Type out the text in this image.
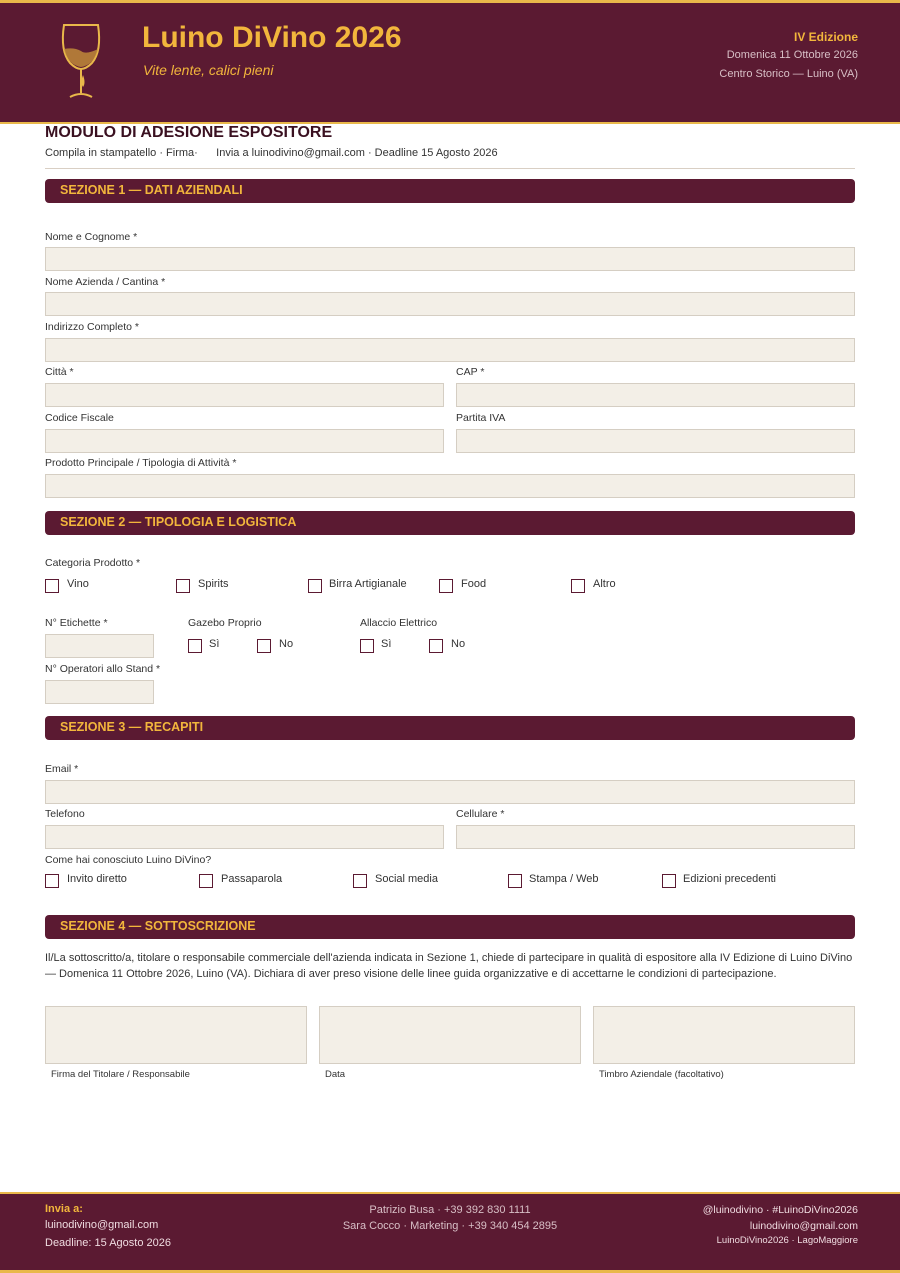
Luino DiVino 2026
Vite lente, calici pieni
IV Edizione
Domenica 11 Ottobre 2026
Centro Storico — Luino (VA)
MODULO DI ADESIONE ESPOSITORE
Compila in stampatello · Firma·      Invia a luinodivino@gmail.com · Deadline 15 Agosto 2026
SEZIONE 1 — DATI AZIENDALI
Nome e Cognome *
Nome Azienda / Cantina *
Indirizzo Completo *
Città *	CAP *
Codice Fiscale	Partita IVA
Prodotto Principale / Tipologia di Attività *
SEZIONE 2 — TIPOLOGIA E LOGISTICA
Categoria Prodotto *
Vino	Spirits	Birra Artigianale	Food	Altro
N° Etichette *	Gazebo Proprio
Sì	No
Allaccio Elettrico
Sì	No
N° Operatori allo Stand *
SEZIONE 3 — RECAPITI
Email *
Telefono	Cellulare *
Come hai conosciuto Luino DiVino?
Invito diretto	Passaparola	Social media	Stampa / Web	Edizioni precedenti
SEZIONE 4 — SOTTOSCRIZIONE
Il/La sottoscritto/a, titolare o responsabile commerciale dell'azienda indicata in Sezione 1, chiede di partecipare in qualità di espositore alla IV Edizione di Luino DiVino — Domenica 11 Ottobre 2026, Luino (VA). Dichiara di aver preso visione delle linee guida organizzative e di accettarne le condizioni di partecipazione.
Firma del Titolare / Responsabile	Data	Timbro Aziendale (facoltativo)
Invia a:
luinodivino@gmail.com
Deadline: 15 Agosto 2026
Patrizio Busa · +39 392 830 1111
Sara Cocco · Marketing · +39 340 454 2895
@luinodivino · #LuinoDiVino2026
luinodivino@gmail.com
LuinoDiVino2026 · LagoMaggiore
